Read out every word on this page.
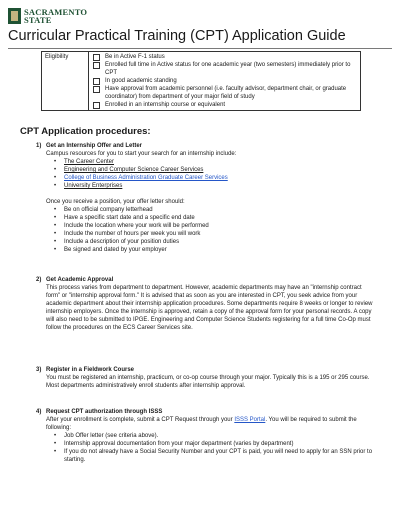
SACRAMENTO
STATE
Curricular Practical Training (CPT) Application Guide
Eligibility	Be in Active F-1 status
Enrolled full time in Active status for one academic year (two semesters) immediately prior to CPT
In good academic standing
Have approval from academic personnel (i.e. faculty advisor, department chair, or graduate coordinator) from department of your major field of study
Enrolled in an internship course or equivalent
CPT Application procedures:
1) Get an Internship Offer and Letter

Campus resources for you to start your search for an internship include:

• The Career Center
• Engineering and Computer Science Career Services
• College of Business Administration Graduate Career Services
• University Enterprises

Once you receive a position, your offer letter should:

• Be on official company letterhead
• Have a specific start date and a specific end date
• Include the location where your work will be performed
• Include the number of hours per week you will work
• Include a description of your position duties
• Be signed and dated by your employer
2) Get Academic Approval

This process varies from department to department. However, academic departments may have an "internship contract form" or "internship approval form." It is advised that as soon as you are interested in CPT, you seek advice from your academic department about their internship application procedures. Some departments require 8 weeks or longer to review internship employers. Once the internship is approved, retain a copy of the approval form for your personal records. A copy will also need to be submitted to IPGE. Engineering and Computer Science Students registering for a full time Co-Op must follow the procedures on the ECS Career Services site.

3) Register in a Fieldwork Course

You must be registered an internship, practicum, or co-op course through your major. Typically this is a 195 or 295 course. Most departments administratively enroll students after internship approval.

4) Request CPT authorization through ISSS

After your enrollment is complete, submit a CPT Request through your ISSS Portal. You will be required to submit the following:

• Job Offer letter (see criteria above).
• Internship approval documentation from your major department (varies by department)
• If you do not already have a Social Security Number and your CPT is paid, you will need to apply for an SSN prior to starting.
